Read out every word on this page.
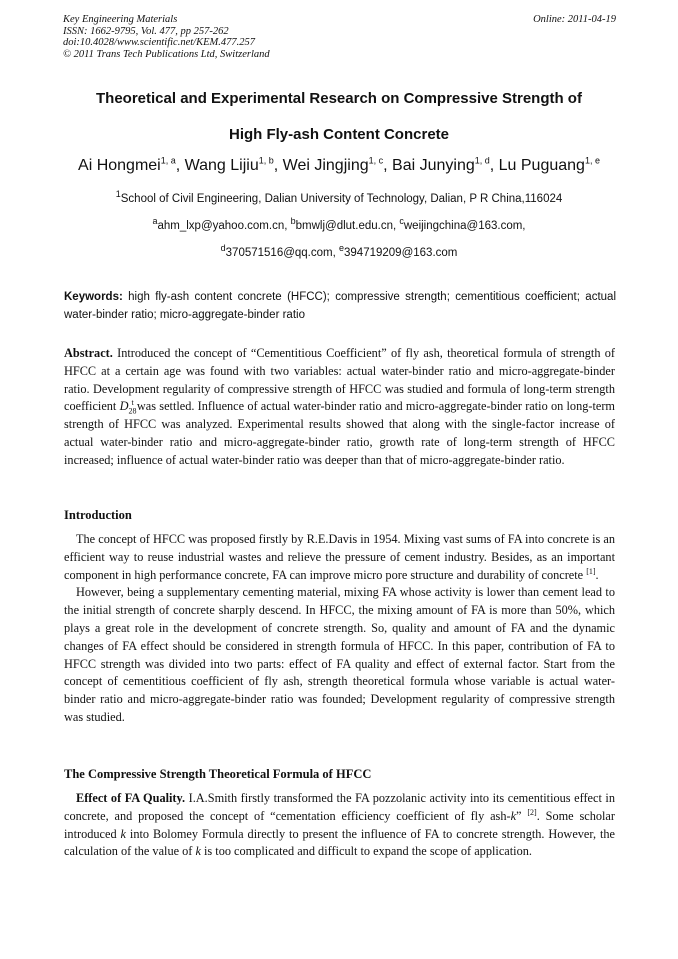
Key Engineering Materials
ISSN: 1662-9795, Vol. 477, pp 257-262
doi:10.4028/www.scientific.net/KEM.477.257
© 2011 Trans Tech Publications Ltd, Switzerland
Online: 2011-04-19
Theoretical and Experimental Research on Compressive Strength of
High Fly-ash Content Concrete
Ai Hongmei$^{1, a}$, Wang Lijiu$^{1, b}$, Wei Jingjing$^{1, c}$, Bai Junying$^{1, d}$, Lu Puguang$^{1, e}$
$^1$School of Civil Engineering, Dalian University of Technology, Dalian, P R China,116024
$^a$ahm_lxp@yahoo.com.cn, $^b$bmwlj@dlut.edu.cn, $^c$weijingchina@163.com,
$^d$370571516@qq.com, $^e$394719209@163.com
Keywords: high fly-ash content concrete (HFCC); compressive strength; cementitious coefficient; actual water-binder ratio; micro-aggregate-binder ratio

Abstract. Introduced the concept of “Cementitious Coefficient” of fly ash, theoretical formula of strength of HFCC at a certain age was found with two variables: actual water-binder ratio and micro-aggregate-binder ratio. Development regularity of compressive strength of HFCC was studied and formula of long-term strength coefficient $D_{28}^t$ was settled. Influence of actual water-binder ratio and micro-aggregate-binder ratio on long-term strength of HFCC was analyzed. Experimental results showed that along with the single-factor increase of actual water-binder ratio and micro-aggregate-binder ratio, growth rate of long-term strength of HFCC increased; influence of actual water-binder ratio was deeper than that of micro-aggregate-binder ratio.

Introduction

The concept of HFCC was proposed firstly by R.E.Davis in 1954. Mixing vast sums of FA into concrete is an efficient way to reuse industrial wastes and relieve the pressure of cement industry. Besides, as an important component in high performance concrete, FA can improve micro pore structure and durability of concrete [1].

However, being a supplementary cementing material, mixing FA whose activity is lower than cement lead to the initial strength of concrete sharply descend. In HFCC, the mixing amount of FA is more than 50%, which plays a great role in the development of concrete strength. So, quality and amount of FA and the dynamic changes of FA effect should be considered in strength formula of HFCC. In this paper, contribution of FA to HFCC strength was divided into two parts: effect of FA quality and effect of external factor. Start from the concept of cementitious coefficient of fly ash, strength theoretical formula whose variable is actual water-binder ratio and micro-aggregate-binder ratio was founded; Development regularity of compressive strength was studied.

The Compressive Strength Theoretical Formula of HFCC

Effect of FA Quality. I.A.Smith firstly transformed the FA pozzolanic activity into its cementitious effect in concrete, and proposed the concept of “cementation efficiency coefficient of fly ash-k” [2]. Some scholar introduced k into Bolomey Formula directly to present the influence of FA to concrete strength. However, the calculation of the value of k is too complicated and difficult to expand the scope of application.
